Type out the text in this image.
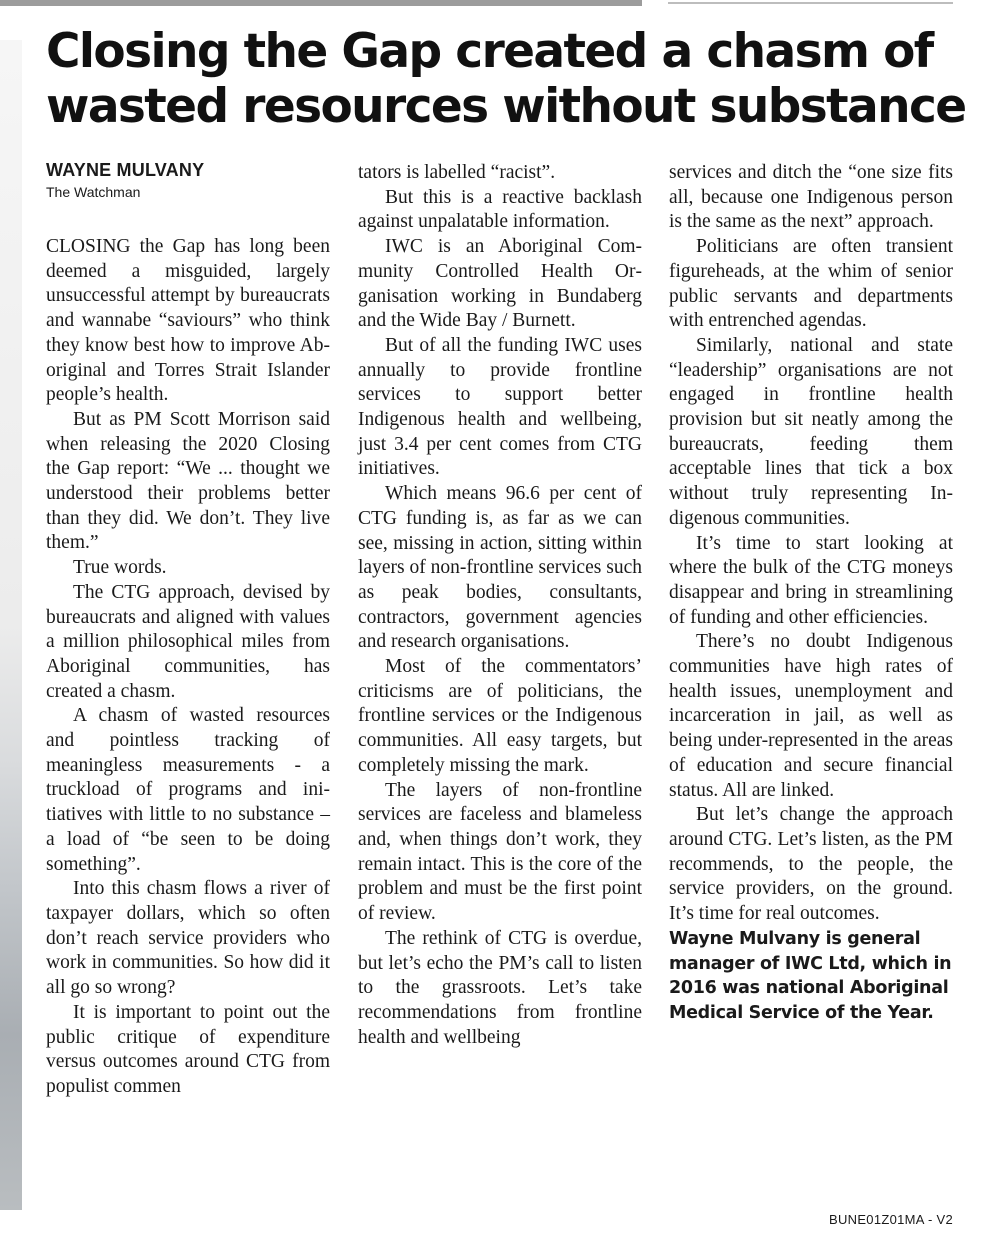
Closing the Gap created a chasm of wasted resources without substance
WAYNE MULVANY
The Watchman

CLOSING the Gap has long been deemed a misguided, largely unsuccessful attempt by bureaucrats and wannabe “saviours” who think they know best how to improve Aboriginal and Torres Strait Islander people’s health.

But as PM Scott Morrison said when releasing the 2020 Closing the Gap report: “We ... thought we understood their problems better than they did. We don’t. They live them.”

True words.

The CTG approach, devised by bureaucrats and aligned with values a million philosophical miles from Aboriginal communities, has created a chasm.

A chasm of wasted resources and pointless tracking of meaningless measurements - a truckload of programs and initiatives with little to no substance – a load of “be seen to be doing something”.

Into this chasm flows a river of taxpayer dollars, which so often don’t reach service providers who work in communities. So how did it all go so wrong?

It is important to point out the public critique of expenditure versus outcomes around CTG from populist commen

tators is labelled “racist”.

But this is a reactive backlash against unpalatable information.

IWC is an Aboriginal Community Controlled Health Organisation working in Bundaberg and the Wide Bay / Burnett.

But of all the funding IWC uses annually to provide frontline services to support better Indigenous health and wellbeing, just 3.4 per cent comes from CTG initiatives.

Which means 96.6 per cent of CTG funding is, as far as we can see, missing in action, sitting within layers of non-frontline services such as peak bodies, consultants, contractors, government agencies and research organisations.

Most of the commentators’ criticisms are of politicians, the frontline services or the Indigenous communities. All easy targets, but completely missing the mark.

The layers of non-frontline services are faceless and blameless and, when things don’t work, they remain intact. This is the core of the problem and must be the first point of review.

The rethink of CTG is overdue, but let’s echo the PM’s call to listen to the grassroots. Let’s take recommendations from frontline health and wellbeing

services and ditch the “one size fits all, because one Indigenous person is the same as the next” approach.

Politicians are often transient figureheads, at the whim of senior public servants and departments with entrenched agendas.

Similarly, national and state “leadership” organisations are not engaged in frontline health provision but sit neatly among the bureaucrats, feeding them acceptable lines that tick a box without truly representing Indigenous communities.

It’s time to start looking at where the bulk of the CTG moneys disappear and bring in streamlining of funding and other efficiencies.

There’s no doubt Indigenous communities have high rates of health issues, unemployment and incarceration in jail, as well as being under-represented in the areas of education and secure financial status. All are linked.

But let’s change the approach around CTG. Let’s listen, as the PM recommends, to the people, the service providers, on the ground. It’s time for real outcomes.

Wayne Mulvany is general manager of IWC Ltd, which in 2016 was national Aboriginal Medical Service of the Year.

BUNE01Z01MA - V2
